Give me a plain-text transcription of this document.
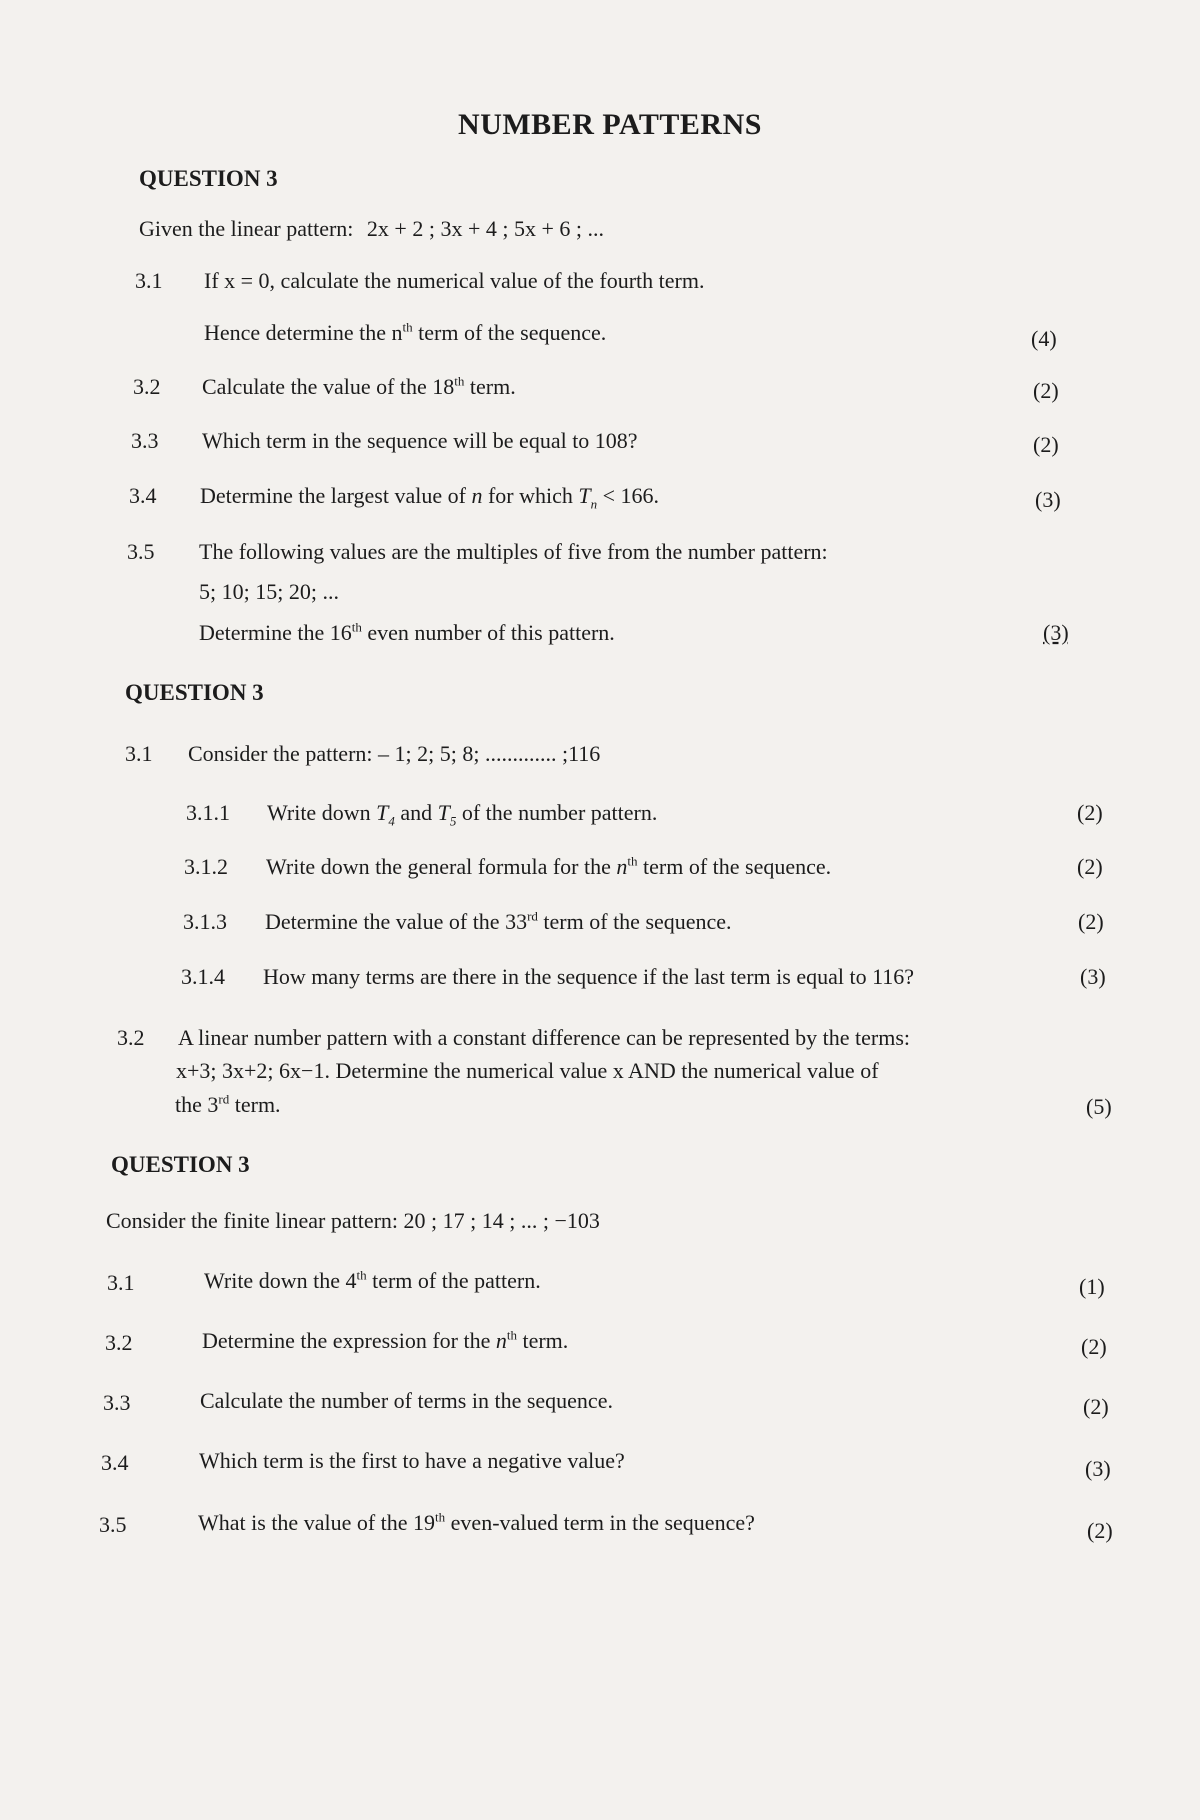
NUMBER PATTERNS
QUESTION 3
Given the linear pattern: 2x + 2 ; 3x + 4 ; 5x + 6 ; ...
3.1 If x = 0, calculate the numerical value of the fourth term.
Hence determine the $n^{th}$ term of the sequence.	(4)
3.2 Calculate the value of the 18th term.	(2)
3.3 Which term in the sequence will be equal to 108?	(2)
3.4 Determine the largest value of n for which $T_n < 166$.	(3)
3.5 The following values are the multiples of five from the number pattern:
5; 10; 15; 20; ...
Determine the 16th even number of this pattern.	(3)
QUESTION 3
3.1 Consider the pattern: – 1; 2; 5; 8; ............. ;116
3.1.1 Write down $T_4$ and $T_5$ of the number pattern.	(2)
3.1.2 Write down the general formula for the $n^{th}$ term of the sequence.	(2)
3.1.3 Determine the value of the 33rd term of the sequence.	(2)
3.1.4 How many terms are there in the sequence if the last term is equal to 116?	(3)
3.2 A linear number pattern with a constant difference can be represented by the terms:
x+3; 3x+2; 6x−1. Determine the numerical value x AND the numerical value of
the 3rd term.	(5)
QUESTION 3
Consider the finite linear pattern: 20 ; 17 ; 14 ; ... ; −103
3.1	Write down the 4th term of the pattern.	(1)
3.2	Determine the expression for the $n^{th}$ term.	(2)
3.3	Calculate the number of terms in the sequence.	(2)
3.4	Which term is the first to have a negative value?	(3)
3.5	What is the value of the 19th even-valued term in the sequence?	(2)
